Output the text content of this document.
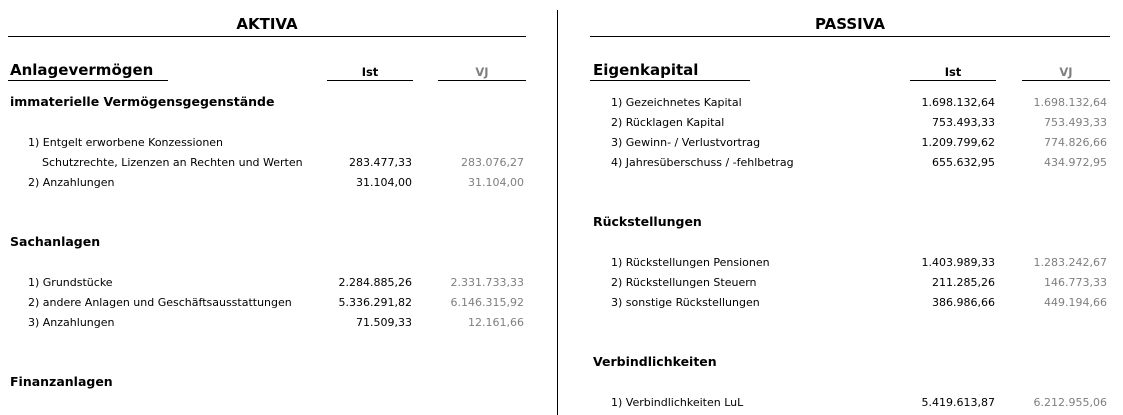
AKTIVA
Anlagevermögen	Ist	VJ
immaterielle Vermögensgegenstände
1) Entgelt erworbene Konzessionen
Schutzrechte, Lizenzen an Rechten und Werten	283.477,33	283.076,27
2) Anzahlungen	31.104,00	31.104,00
Sachanlagen
1) Grundstücke	2.284.885,26	2.331.733,33
2) andere Anlagen und Geschäftsausstattungen	5.336.291,82	6.146.315,92
3) Anzahlungen	71.509,33	12.161,66
Finanzanlagen
PASSIVA
Eigenkapital	Ist	VJ
1) Gezeichnetes Kapital	1.698.132,64	1.698.132,64
2) Rücklagen Kapital	753.493,33	753.493,33
3) Gewinn- / Verlustvortrag	1.209.799,62	774.826,66
4) Jahresüberschuss / -fehlbetrag	655.632,95	434.972,95
Rückstellungen
1) Rückstellungen Pensionen	1.403.989,33	1.283.242,67
2) Rückstellungen Steuern	211.285,26	146.773,33
3) sonstige Rückstellungen	386.986,66	449.194,66
Verbindlichkeiten
1) Verbindlichkeiten LuL	5.419.613,87	6.212.955,06
